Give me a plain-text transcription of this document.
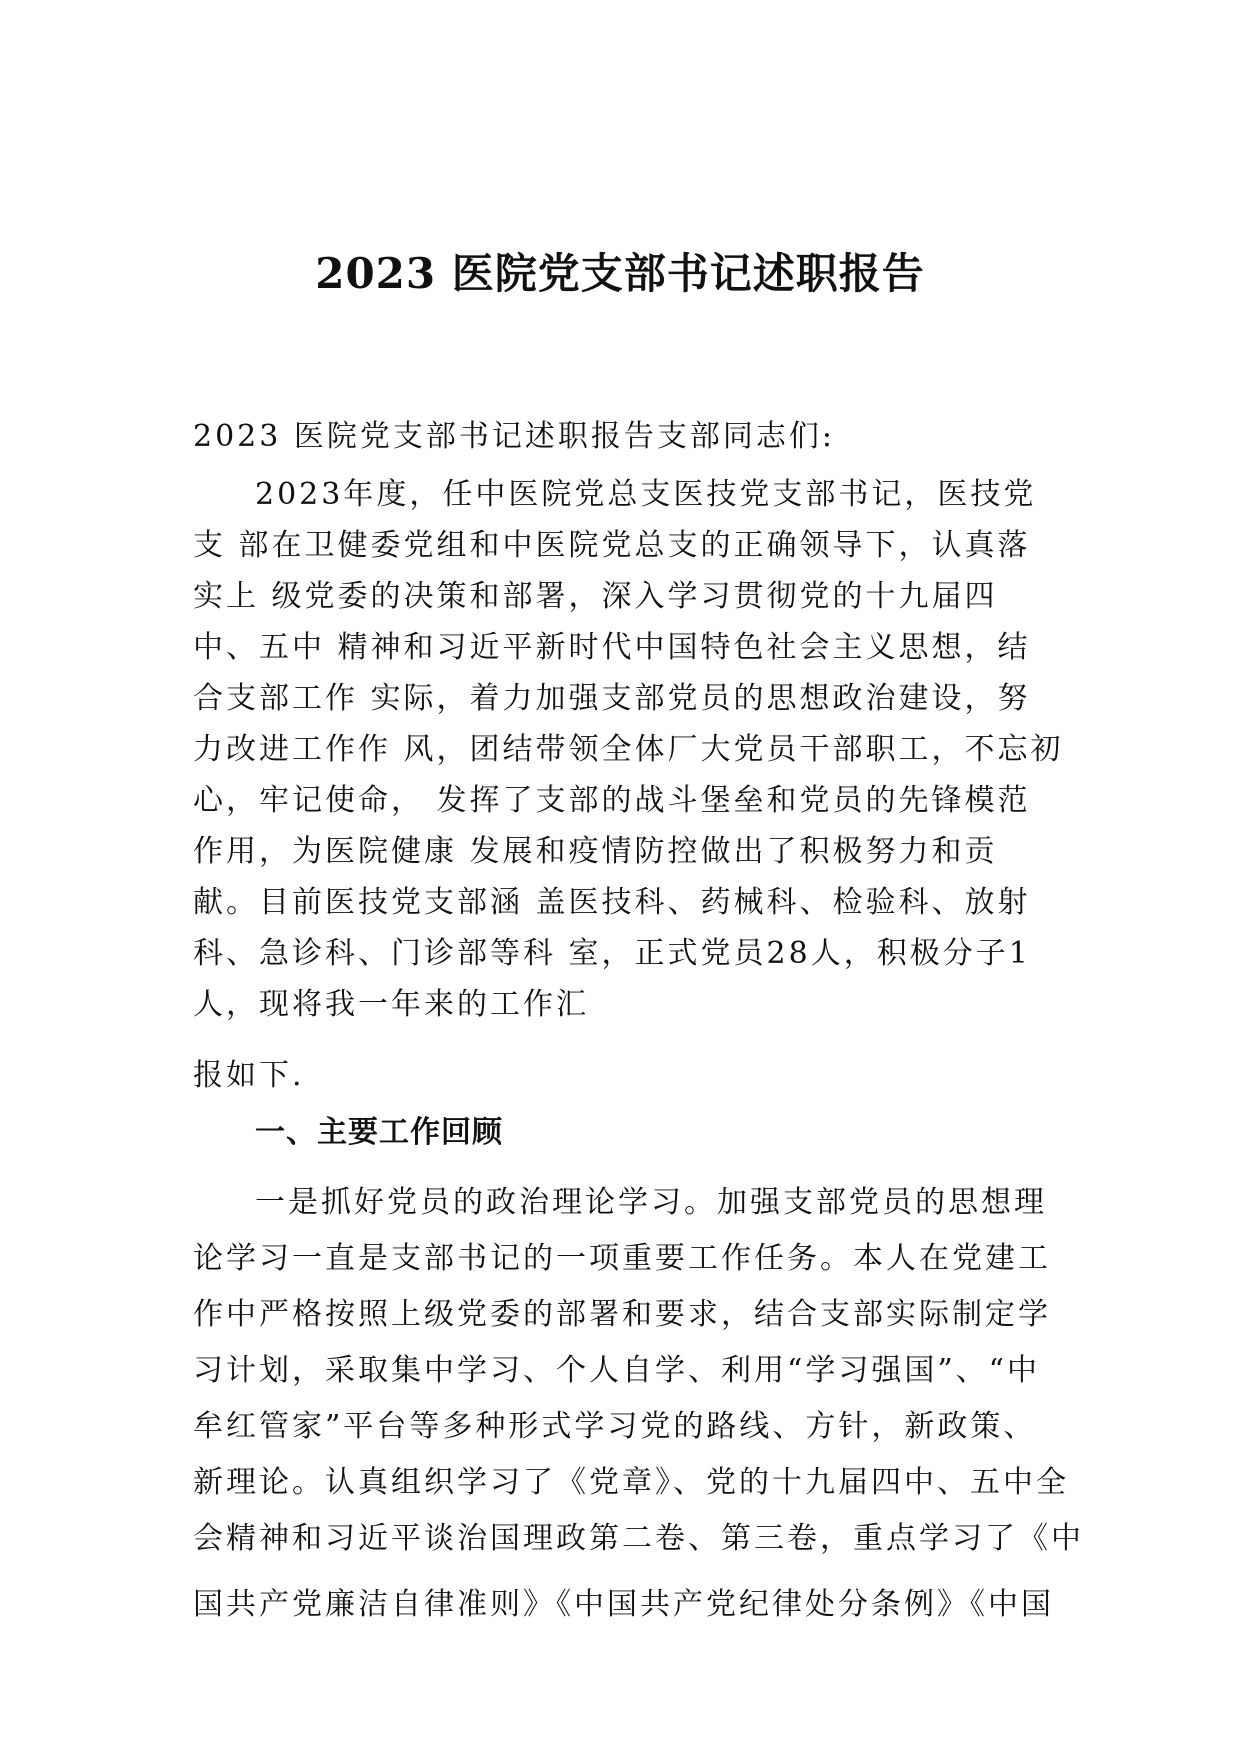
2023 医院党支部书记述职报告
2023 医院党支部书记述职报告支部同志们:
2023年度，任中医院党总支医技党支部书记，医技党
支 部在卫健委党组和中医院党总支的正确领导下，认真落
实上 级党委的决策和部署，深入学习贯彻党的十九届四
中、五中 精神和习近平新时代中国特色社会主义思想，结
合支部工作 实际，着力加强支部党员的思想政治建设，努
力改进工作作 风，团结带领全体厂大党员干部职工，不忘初
心，牢记使命， 发挥了支部的战斗堡垒和党员的先锋模范
作用，为医院健康 发展和疫情防控做出了积极努力和贡
献。目前医技党支部涵 盖医技科、药械科、检验科、放射
科、急诊科、门诊部等科 室，正式党员28人，积极分子1
人，现将我一年来的工作汇
报如下.
一、主要工作回顾
一是抓好党员的政治理论学习。加强支部党员的思想理
论学习一直是支部书记的一项重要工作任务。本人在党建工
作中严格按照上级党委的部署和要求，结合支部实际制定学
习计划，采取集中学习、个人自学、利用“学习强国”、“中
牟红管家”平台等多种形式学习党的路线、方针，新政策、
新理论。认真组织学习了《党章》、党的十九届四中、五中全
会精神和习近平谈治国理政第二卷、第三卷，重点学习了《中
国共产党廉洁自律准则》《中国共产党纪律处分条例》《中国
